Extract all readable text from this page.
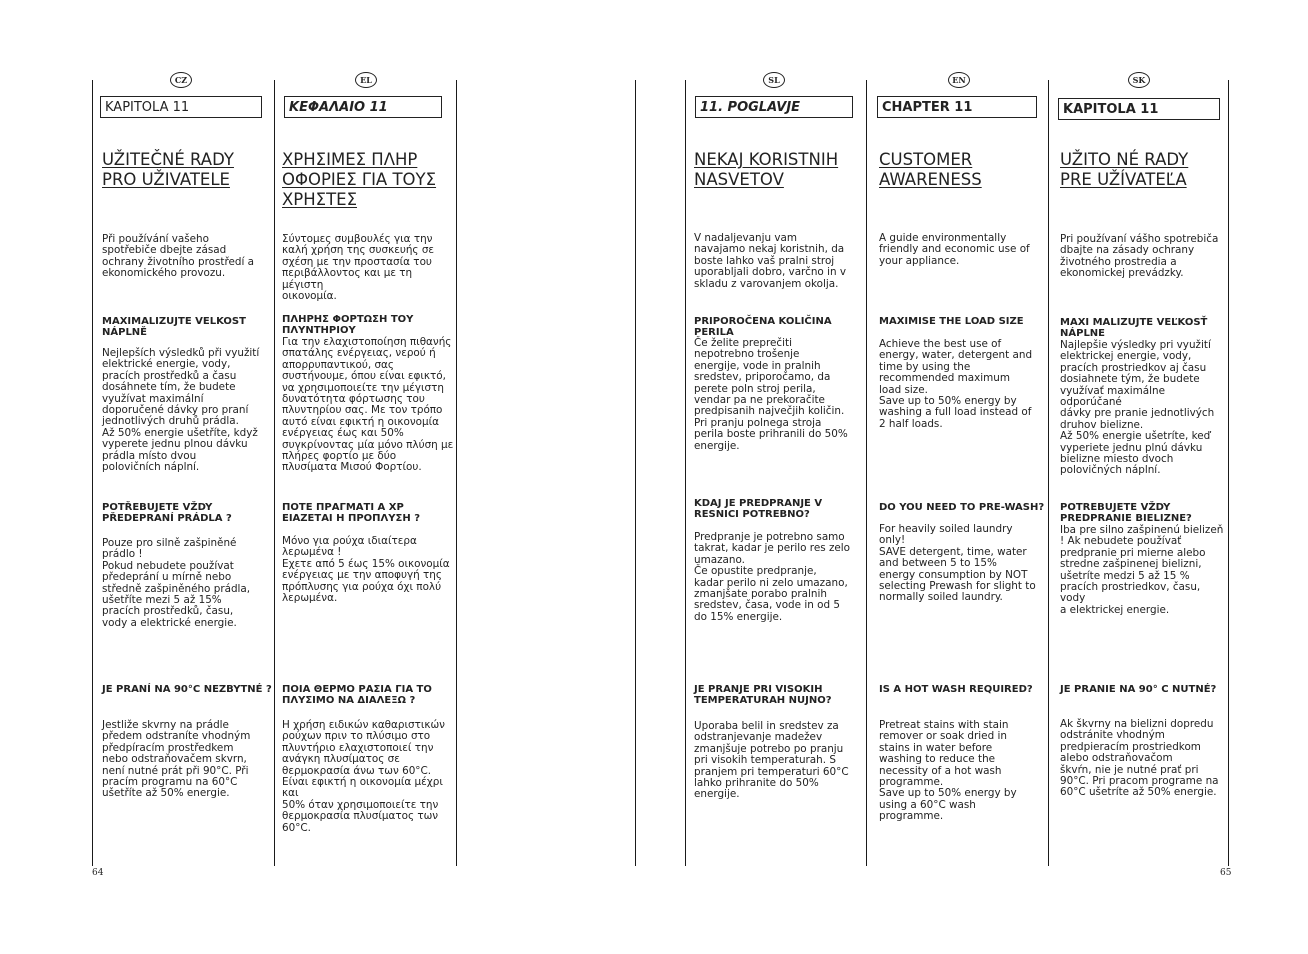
CZ
KAPITOLA 11
UŽITEČNÉ RADY
PRO UŽIVATELE
Při používání vašeho
spotřebiče dbejte zásad
ochrany životního prostředí a
ekonomického provozu.
MAXIMALIZUJTE VELKOST
NÁPLNĚ
Nejlepších výsledků při využití
elektrické energie, vody,
pracích prostředků a času
dosáhnete tím, že budete
využívat maximální
doporučené dávky pro praní
jednotlivých druhů prádla.
Až 50% energie ušetříte, když
vyperete jednu plnou dávku
prádla místo dvou
polovičních náplní.
POTŘEBUJETE VŽDY
PŘEDEPRANÍ PRÁDLA ?
Pouze pro silně zašpiněné
prádlo !
Pokud nebudete používat
předeprání u mírně nebo
středně zašpiněného prádla,
ušetříte mezi 5 až 15%
pracích prostředků, času,
vody a elektrické energie.
JE PRANÍ NA 90°C NEZBYTNÉ ?
Jestliže skvrny na prádle
předem odstraníte vhodným
předpíracím prostředkem
nebo odstraňovačem skvrn,
není nutné prát při 90°C. Při
pracím programu na 60°C
ušetříte až 50% energie.
EL
ΚΕΦΑΛΑΙΟ 11
ΧΡΗΣΙΜΕΣ ΠΛΗΡ
ΟΦΟΡΙΕΣ ΓΙΑ ΤΟΥΣ
ΧΡΗΣΤΕΣ
Σύντομες συμβουλές για την
καλή χρήση της συσκευής σε
σχέση με την προστασία του
περιβάλλοντος και με τη μέγιστη
οικονομία.
ΠΛΗΡΗΣ ΦΟΡΤΩΣΗ ΤΟΥ
ΠΛΥΝΤΗΡΙΟΥ
Για την ελαχιστοποίηση πιθανής
σπατάλης ενέργειας, νερού ή
απορρυπαντικού, σας
συστήνουμε, όπου είναι εφικτό,
να χρησιμοποιείτε την μέγιστη
δυνατότητα φόρτωσης του
πλυντηρίου σας. Με τον τρόπο
αυτό είναι εφικτή η οικονομία
ενέργειας έως και 50%
συγκρίνοντας μία μόνο πλύση με
πλήρες φορτίο με δύο
πλυσίματα Μισού Φορτίου.
ΠΟΤΕ ΠΡΑΓΜΑΤΙ Α ΧΡ
ΕΙΑΖΕΤΑΙ Η ΠΡΟΠΛΥΣΗ ?
Μόνο για ρούχα ιδιαίτερα
λερωμένα !
Εχετε από 5 έως 15% οικονομία
ενέργειας με την αποφυγή της
πρόπλυσης για ρούχα όχι πολύ
λερωμένα.
ΠΟΙΑ ΘΕΡΜΟ ΡΑΣΙΑ ΓΙΑ ΤΟ
ΠΛΥΣΙΜΟ ΝΑ ΔΙΑΛΕΞΩ ?
Η χρήση ειδικών καθαριστικών
ρούχων πριν το πλύσιμο στο
πλυντήριο ελαχιστοποιεί την
ανάγκη πλυσίματος σε
θερμοκρασία άνω των 60°C.
Είναι εφικτή η οικονομία μέχρι και
50% όταν χρησιμοποιείτε την
θερμοκρασία πλυσίματος των
60°C.
SL
11. POGLAVJE
NEKAJ KORISTNIH
NASVETOV
V nadaljevanju vam
navajamo nekaj koristnih, da
boste lahko vaš pralni stroj
uporabljali dobro, varčno in v
skladu z varovanjem okolja.
PRIPOROČENA KOLIČINA
PERILA
Če želite preprečiti
nepotrebno trošenje
energije, vode in pralnih
sredstev, priporočamo, da
perete poln stroj perila,
vendar pa ne prekoračite
predpisanih največjih količin.
Pri pranju polnega stroja
perila boste prihranili do 50%
energije.
KDAJ JE PREDPRANJE V
RESNICI POTREBNO?
Predpranje je potrebno samo
takrat, kadar je perilo res zelo
umazano.
Če opustite predpranje,
kadar perilo ni zelo umazano,
zmanjšate porabo pralnih
sredstev, časa, vode in od 5
do 15% energije.
JE PRANJE PRI VISOKIH
TEMPERATURAH NUJNO?
Uporaba belil in sredstev za
odstranjevanje madežev
zmanjšuje potrebo po pranju
pri visokih temperaturah. S
pranjem pri temperaturi 60°C
lahko prihranite do 50%
energije.
EN
CHAPTER 11
CUSTOMER
AWARENESS
A guide environmentally
friendly and economic use of
your appliance.
MAXIMISE THE LOAD SIZE
Achieve the best use of
energy, water, detergent and
time by using the
recommended maximum
load size.
Save up to 50% energy by
washing a full load instead of
2 half loads.
DO YOU NEED TO PRE-WASH?
For heavily soiled laundry
only!
SAVE detergent, time, water
and between 5 to 15%
energy consumption by NOT
selecting Prewash for slight to
normally soiled laundry.
IS A HOT WASH REQUIRED?
Pretreat stains with stain
remover or soak dried in
stains in water before
washing to reduce the
necessity of a hot wash
programme.
Save up to 50% energy by
using a 60°C wash
programme.
SK
KAPITOLA 11
UŽITO NÉ RADY
PRE UŽÍVATEĽA
Pri používaní vášho spotrebiča
dbajte na zásady ochrany
životného prostredia a
ekonomickej prevádzky.
MAXI MALIZUJTE VEĽKOSŤ
NÁPLNE
Najlepšie výsledky pri využití
elektrickej energie, vody,
pracích prostriedkov aj času
dosiahnete tým, že budete
využívať maximálne odporúčané
dávky pre pranie jednotlivých
druhov bielizne.
Až 50% energie ušetríte, keď
vyperiete jednu plnú dávku
bielizne miesto dvoch
polovičných náplní.
POTREBUJETE VŽDY
PREDPRANIE BIELIZNE?
Iba pre silno zašpinenú bielizeň
! Ak nebudete používať
predpranie pri mierne alebo
stredne zašpinenej bielizni,
ušetríte medzi 5 až 15 %
pracích prostriedkov, času, vody
a elektrickej energie.
JE PRANIE NA 90° C NUTNÉ?
Ak škvrny na bielizni dopredu
odstránite vhodným
predpieracím prostriedkom
alebo odstraňovačom
škvŕn, nie je nutné prať pri
90°C. Pri pracom programe na
60°C ušetríte až 50% energie.
64	65
